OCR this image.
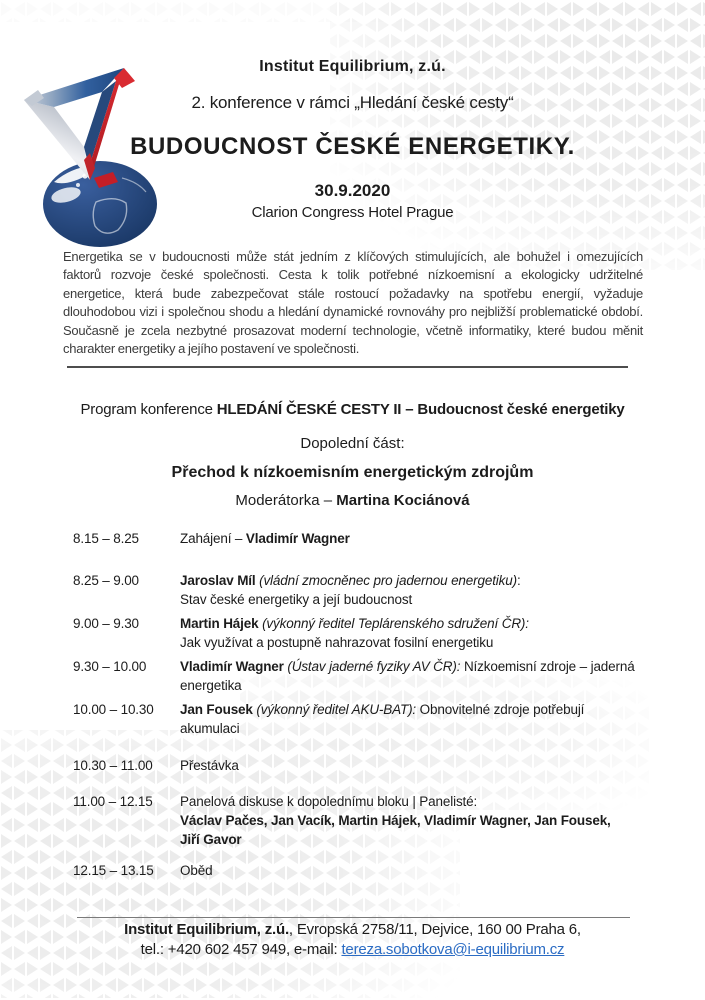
Institut Equilibrium, z.ú.
2. konference v rámci „Hledání české cesty“
BUDOUCNOST ČESKÉ ENERGETIKY.
30.9.2020
Clarion Congress Hotel Prague
Energetika se v budoucnosti může stát jedním z klíčových stimulujících, ale bohužel i omezujících
faktorů rozvoje české společnosti. Cesta k tolik potřebné nízkoemisní a ekologicky udržitelné
energetice, která bude zabezpečovat stále rostoucí požadavky na spotřebu energií, vyžaduje
dlouhodobou vizi i společnou shodu a hledání dynamické rovnováhy pro nejbližší problematické období.
Současně je zcela nezbytné prosazovat moderní technologie, včetně informatiky, které budou měnit
charakter energetiky a jejího postavení ve společnosti.
Program konference HLEDÁNÍ ČESKÉ CESTY II – Budoucnost české energetiky
Dopolední část:
Přechod k nízkoemisním energetickým zdrojům
Moderátorka – Martina Kociánová
8.15 – 8.25	Zahájení – Vladimír Wagner
8.25 – 9.00	Jaroslav Míl (vládní zmocněnec pro jadernou energetiku):
Stav české energetiky a její budoucnost
9.00 – 9.30	Martin Hájek (výkonný ředitel Teplárenského sdružení ČR):
Jak využívat a postupně nahrazovat fosilní energetiku
9.30 – 10.00	Vladimír Wagner (Ústav jaderné fyziky AV ČR): Nízkoemisní zdroje – jaderná
energetika
10.00 – 10.30	Jan Fousek (výkonný ředitel AKU-BAT): Obnovitelné zdroje potřebují
akumulaci
10.30 – 11.00	Přestávka
11.00 – 12.15	Panelová diskuse k dopolednímu bloku | Panelisté:
Václav Pačes, Jan Vacík, Martin Hájek, Vladimír Wagner, Jan Fousek,
Jiří Gavor
12.15 – 13.15	Oběd
Institut Equilibrium, z.ú., Evropská 2758/11, Dejvice, 160 00 Praha 6,
tel.: +420 602 457 949, e-mail: tereza.sobotkova@i-equilibrium.cz
